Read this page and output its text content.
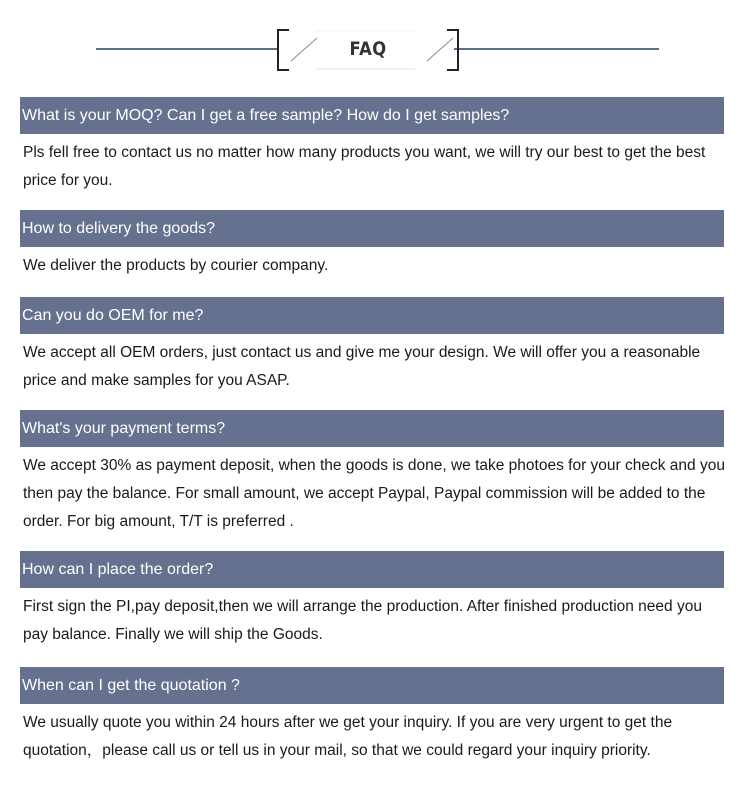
FAQ
What is your MOQ? Can I get a free sample? How do I get samples?
Pls fell free to contact us no matter how many products you want, we will try our best to get the best price for you.
How to delivery the goods?
We deliver the products by courier company.
Can you do OEM for me?
We accept all OEM orders, just contact us and give me your design. We will offer you a reasonable price and make samples for you ASAP.
What's your payment terms?
We accept 30% as payment deposit, when the goods is done, we take photoes for your check and you then pay the balance. For small amount, we accept Paypal, Paypal commission will be added to the order. For big amount, T/T is preferred .
How can I place the order?
First sign the PI,pay deposit,then we will arrange the production. After finished production need you pay balance. Finally we will ship the Goods.
When can I get the quotation ?
We usually quote you within 24 hours after we get your inquiry. If you are very urgent to get the quotation，please call us or tell us in your mail, so that we could regard your inquiry priority.
